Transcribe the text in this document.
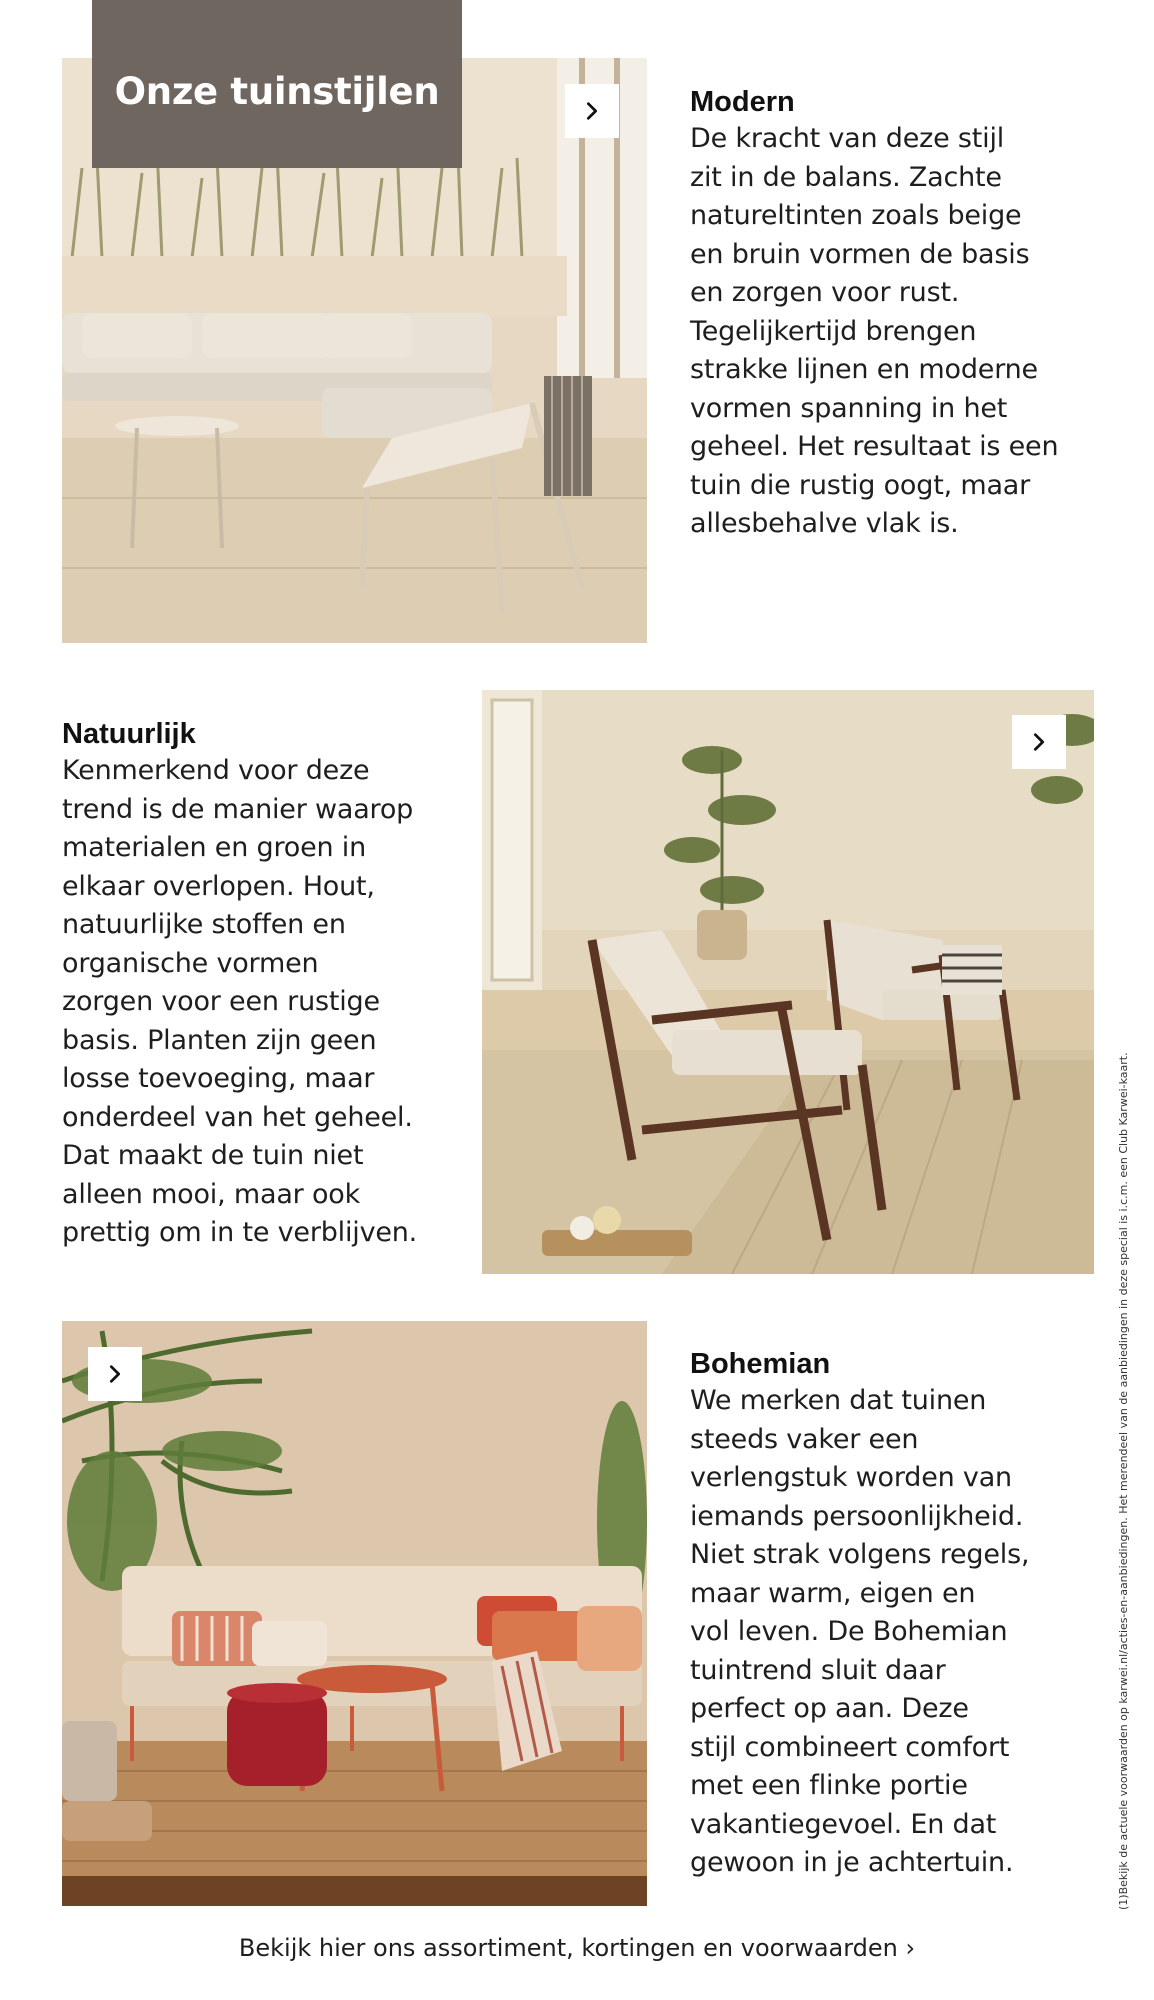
Onze tuinstijlen	Modern
De kracht van deze stijl
zit in de balans. Zachte
natureltinten zoals beige
en bruin vormen de basis
en zorgen voor rust.
Tegelijkertijd brengen
strakke lijnen en moderne
vormen spanning in het
geheel. Het resultaat is een
tuin die rustig oogt, maar
allesbehalve vlak is.
Natuurlijk
Kenmerkend voor deze
trend is de manier waarop
materialen en groen in
elkaar overlopen. Hout,
natuurlijke stoffen en
organische vormen
zorgen voor een rustige
basis. Planten zijn geen
losse toevoeging, maar
onderdeel van het geheel.
Dat maakt de tuin niet
alleen mooi, maar ook
prettig om in te verblijven.
Bohemian
We merken dat tuinen
steeds vaker een
verlengstuk worden van
iemands persoonlijkheid.
Niet strak volgens regels,
maar warm, eigen en
vol leven. De Bohemian
tuintrend sluit daar
perfect op aan. Deze
stijl combineert comfort
met een flinke portie
vakantiegevoel. En dat
gewoon in je achtertuin.
Bekijk hier ons assortiment, kortingen en voorwaarden ›
(1)Bekijk de actuele voorwaarden op karwei.nl/acties-en-aanbiedingen. Het merendeel van de aanbiedingen in deze special is i.c.m. een Club Karwei-kaart.
